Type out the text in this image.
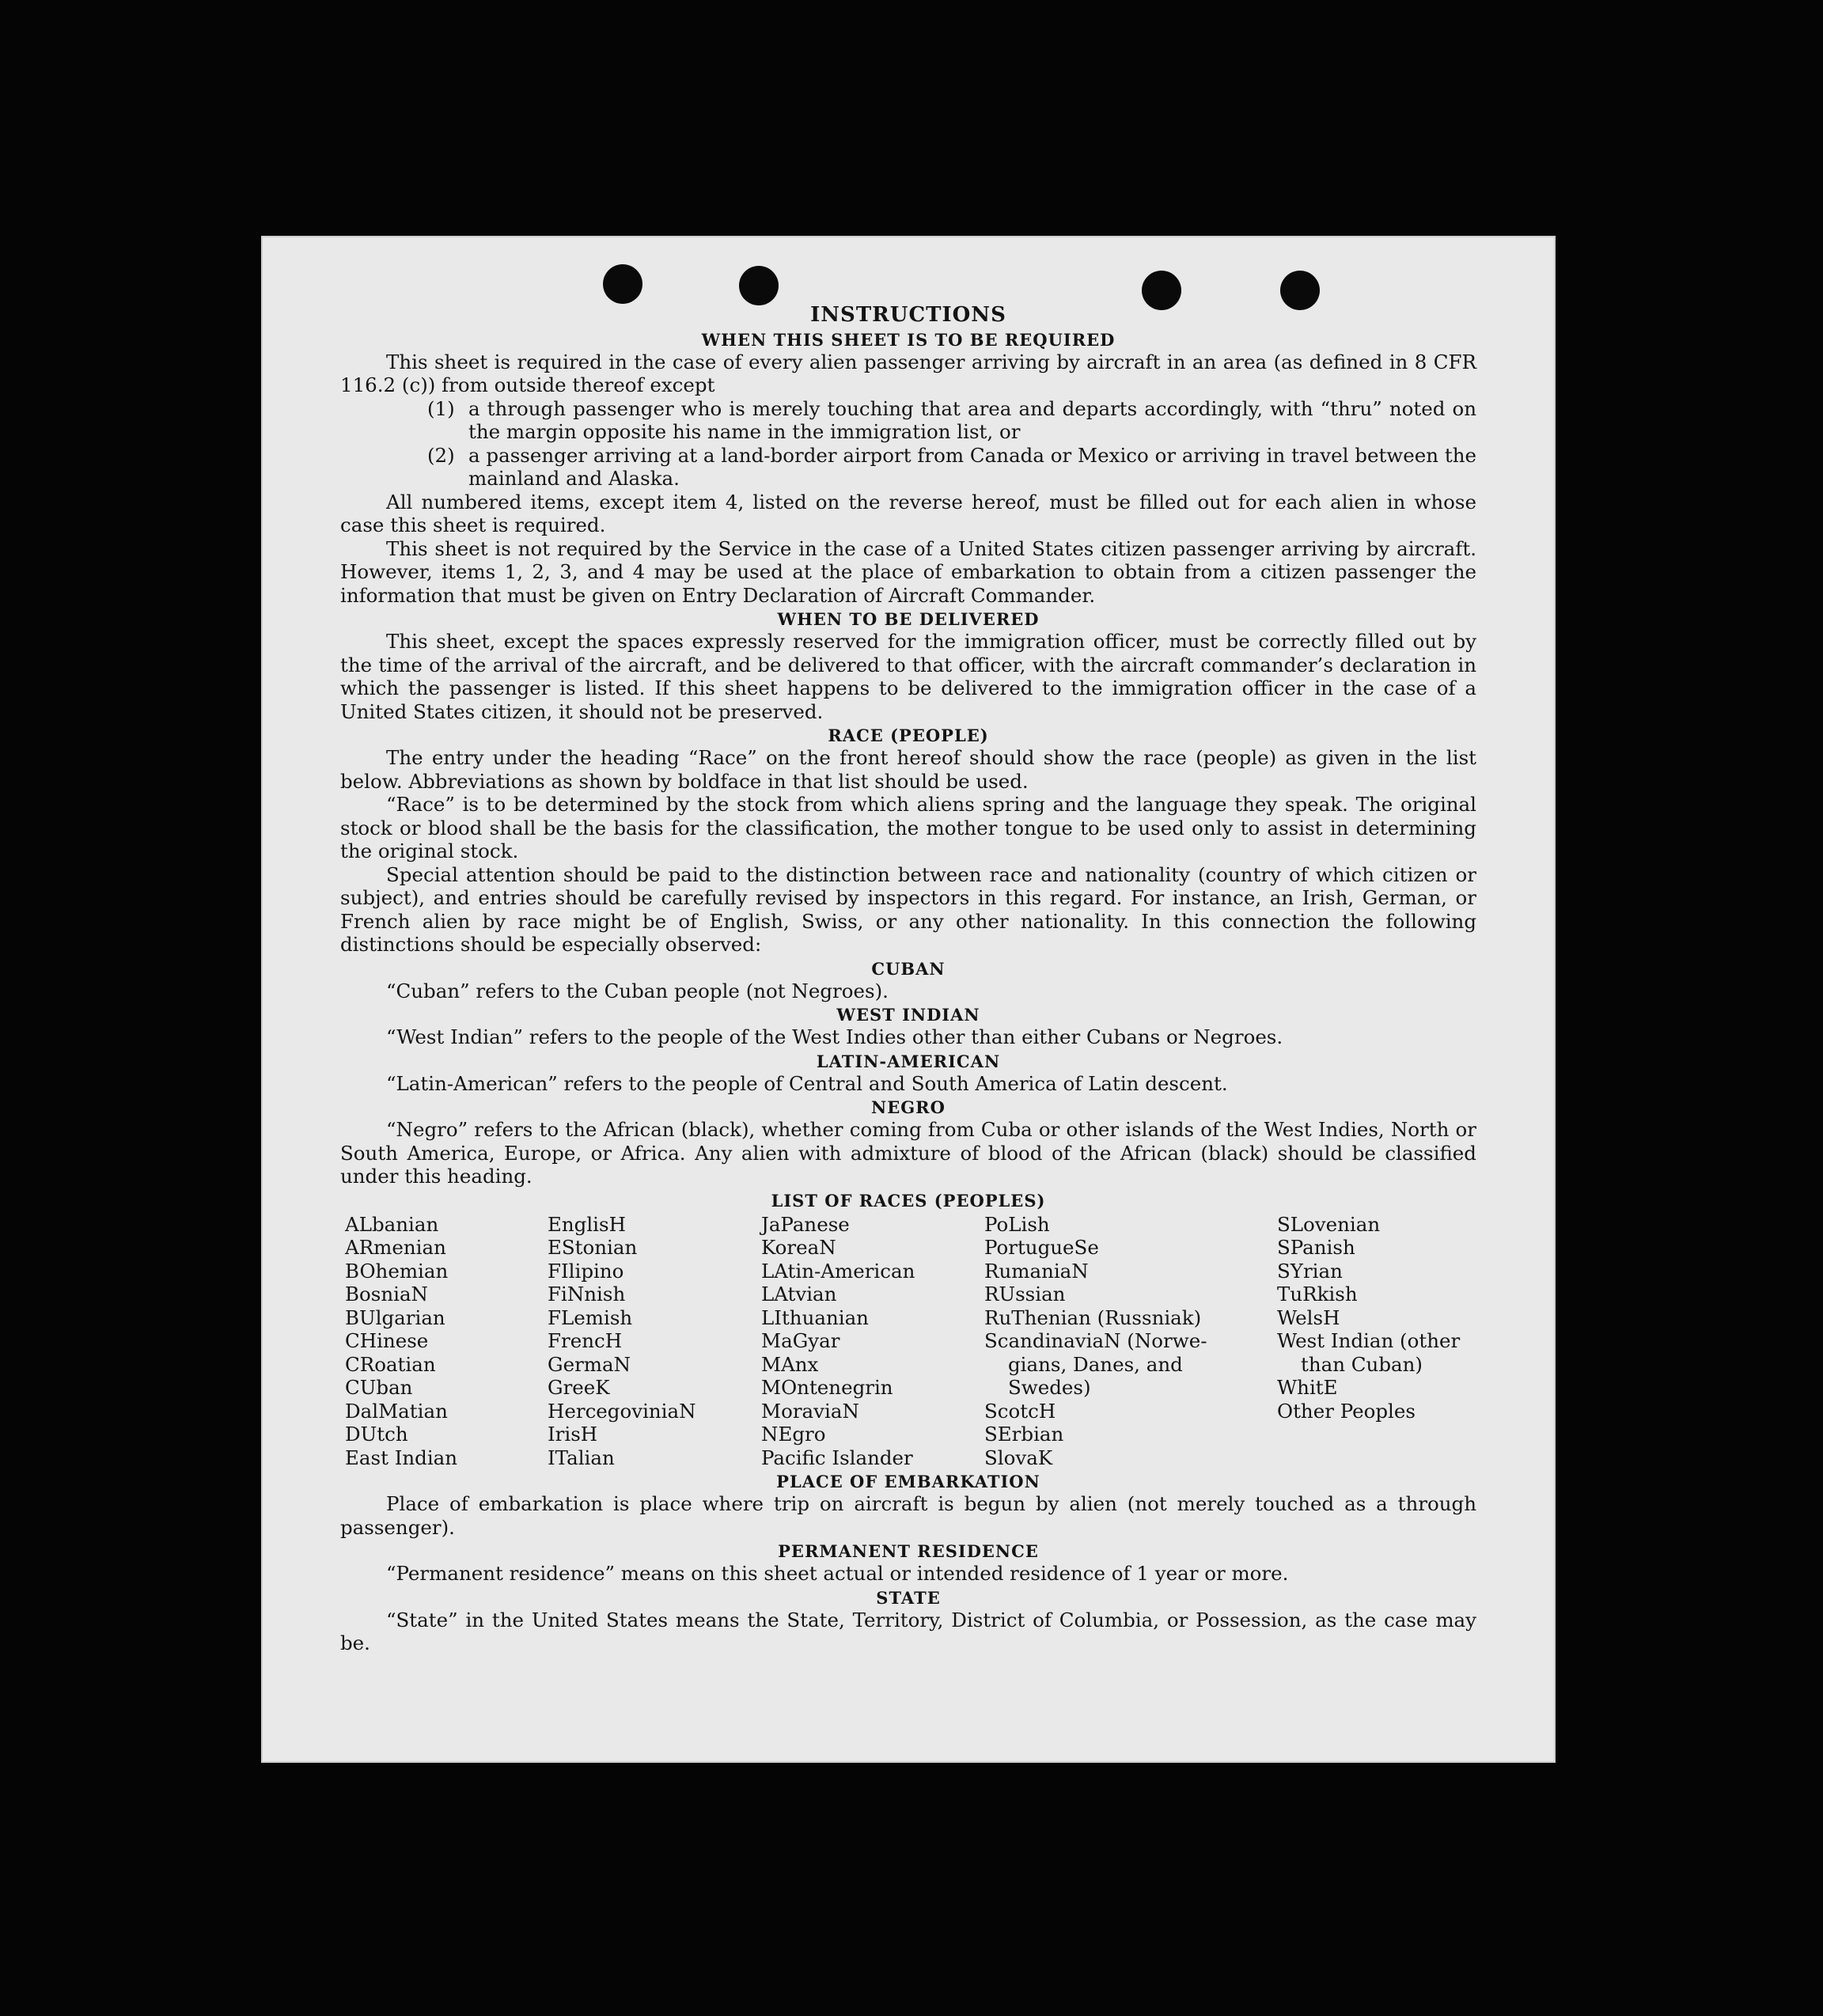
INSTRUCTIONS
WHEN THIS SHEET IS TO BE REQUIRED

This sheet is required in the case of every alien passenger arriving by aircraft in an area (as defined in 8 CFR 116.2 (c)) from outside thereof except

(1) a through passenger who is merely touching that area and departs accordingly, with “thru” noted on the margin opposite his name in the immigration list, or
(2) a passenger arriving at a land-border airport from Canada or Mexico or arriving in travel between the mainland and Alaska.

All numbered items, except item 4, listed on the reverse hereof, must be filled out for each alien in whose case this sheet is required.

This sheet is not required by the Service in the case of a United States citizen passenger arriving by aircraft. However, items 1, 2, 3, and 4 may be used at the place of embarkation to obtain from a citizen passenger the information that must be given on Entry Declaration of Aircraft Commander.

WHEN TO BE DELIVERED

This sheet, except the spaces expressly reserved for the immigration officer, must be correctly filled out by the time of the arrival of the aircraft, and be delivered to that officer, with the aircraft commander’s declaration in which the passenger is listed. If this sheet happens to be delivered to the immigration officer in the case of a United States citizen, it should not be preserved.

RACE (PEOPLE)

The entry under the heading “Race” on the front hereof should show the race (people) as given in the list below. Abbreviations as shown by boldface in that list should be used.

“Race” is to be determined by the stock from which aliens spring and the language they speak. The original stock or blood shall be the basis for the classification, the mother tongue to be used only to assist in determining the original stock.

Special attention should be paid to the distinction between race and nationality (country of which citizen or subject), and entries should be carefully revised by inspectors in this regard. For instance, an Irish, German, or French alien by race might be of English, Swiss, or any other nationality. In this connection the following distinctions should be especially observed:

CUBAN

“Cuban” refers to the Cuban people (not Negroes).

WEST INDIAN

“West Indian” refers to the people of the West Indies other than either Cubans or Negroes.

LATIN-AMERICAN

“Latin-American” refers to the people of Central and South America of Latin descent.

NEGRO

“Negro” refers to the African (black), whether coming from Cuba or other islands of the West Indies, North or South America, Europe, or Africa. Any alien with admixture of blood of the African (black) should be classified under this heading.

LIST OF RACES (PEOPLES)
ALbanian
ARmenian
BOhemian
BosniaN
BUlgarian
CHinese
CRoatian
CUban
DalMatian
DUtch
East Indian
EnglisH
EStonian
FIlipino
FiNnish
FLemish
FrencH
GermaN
GreeK
HercegoviniaN
IrisH
ITalian
JaPanese
KoreaN
LAtin-American
LAtvian
LIthuanian
MaGyar
MAnx
MOntenegrin
MoraviaN
NEgro
Pacific Islander
PoLish
PortugueSe
RumaniaN
RUssian
RuThenian (Russniak)
ScandinaviaN (Norwe-
gians, Danes, and
Swedes)
ScotcH
SErbian
SlovaK
SLovenian
SPanish
SYrian
TuRkish
WelsH
West Indian (other
than Cuban)
WhitE
Other Peoples
PLACE OF EMBARKATION

Place of embarkation is place where trip on aircraft is begun by alien (not merely touched as a through passenger).

PERMANENT RESIDENCE

“Permanent residence” means on this sheet actual or intended residence of 1 year or more.

STATE

“State” in the United States means the State, Territory, District of Columbia, or Possession, as the case may be.
